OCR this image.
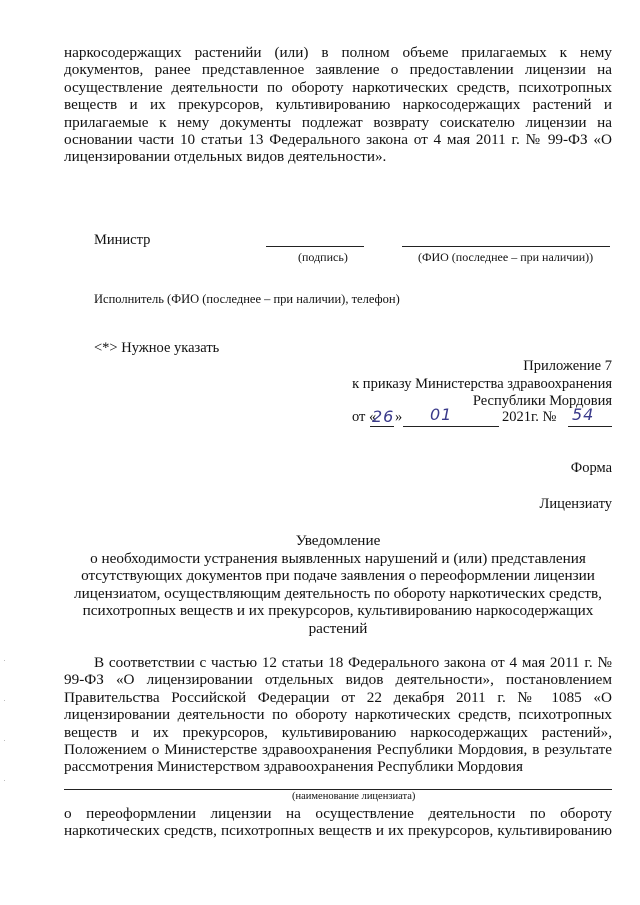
наркосодержащих растенийи (или) в полном объеме прилагаемых к нему
документов, ранее представленное заявление о предоставлении лицензии на
осуществление деятельности по обороту наркотических средств, психотропных
веществ и их прекурсоров, культивированию наркосодержащих растений и
прилагаемые к нему документы подлежат возврату соискателю лицензии на
основании части 10 статьи 13 Федерального закона от 4 мая 2011 г. № 99-ФЗ «О
лицензировании отдельных видов деятельности».
Министр
(подпись)	(ФИО (последнее – при наличии))
Исполнитель (ФИО (последнее – при наличии), телефон)
<*> Нужное указать
Приложение 7
к приказу Министерства здравоохранения
Республики Мордовия
от «
26 » 01	2021г. № 54
Форма
Лицензиату
Уведомление
о необходимости устранения выявленных нарушений и (или) представления
отсутствующих документов при подаче заявления о переоформлении лицензии
лицензиатом, осуществляющим деятельность по обороту наркотических средств,
психотропных веществ и их прекурсоров, культивированию наркосодержащих
растений
В соответствии с частью 12 статьи 18 Федерального закона от 4 мая 2011 г. №
99-ФЗ «О лицензировании отдельных видов деятельности», постановлением
Правительства Российской Федерации от 22 декабря 2011 г. № 1085 «О
лицензировании деятельности по обороту наркотических средств, психотропных
веществ и их прекурсоров, культивированию наркосодержащих растений»,
Положением о Министерстве здравоохранения Республики Мордовия, в результате
рассмотрения Министерством здравоохранения Республики Мордовия
(наименование лицензиата)
о переоформлении лицензии на осуществление деятельности по обороту
наркотических средств, психотропных веществ и их прекурсоров, культивированию
